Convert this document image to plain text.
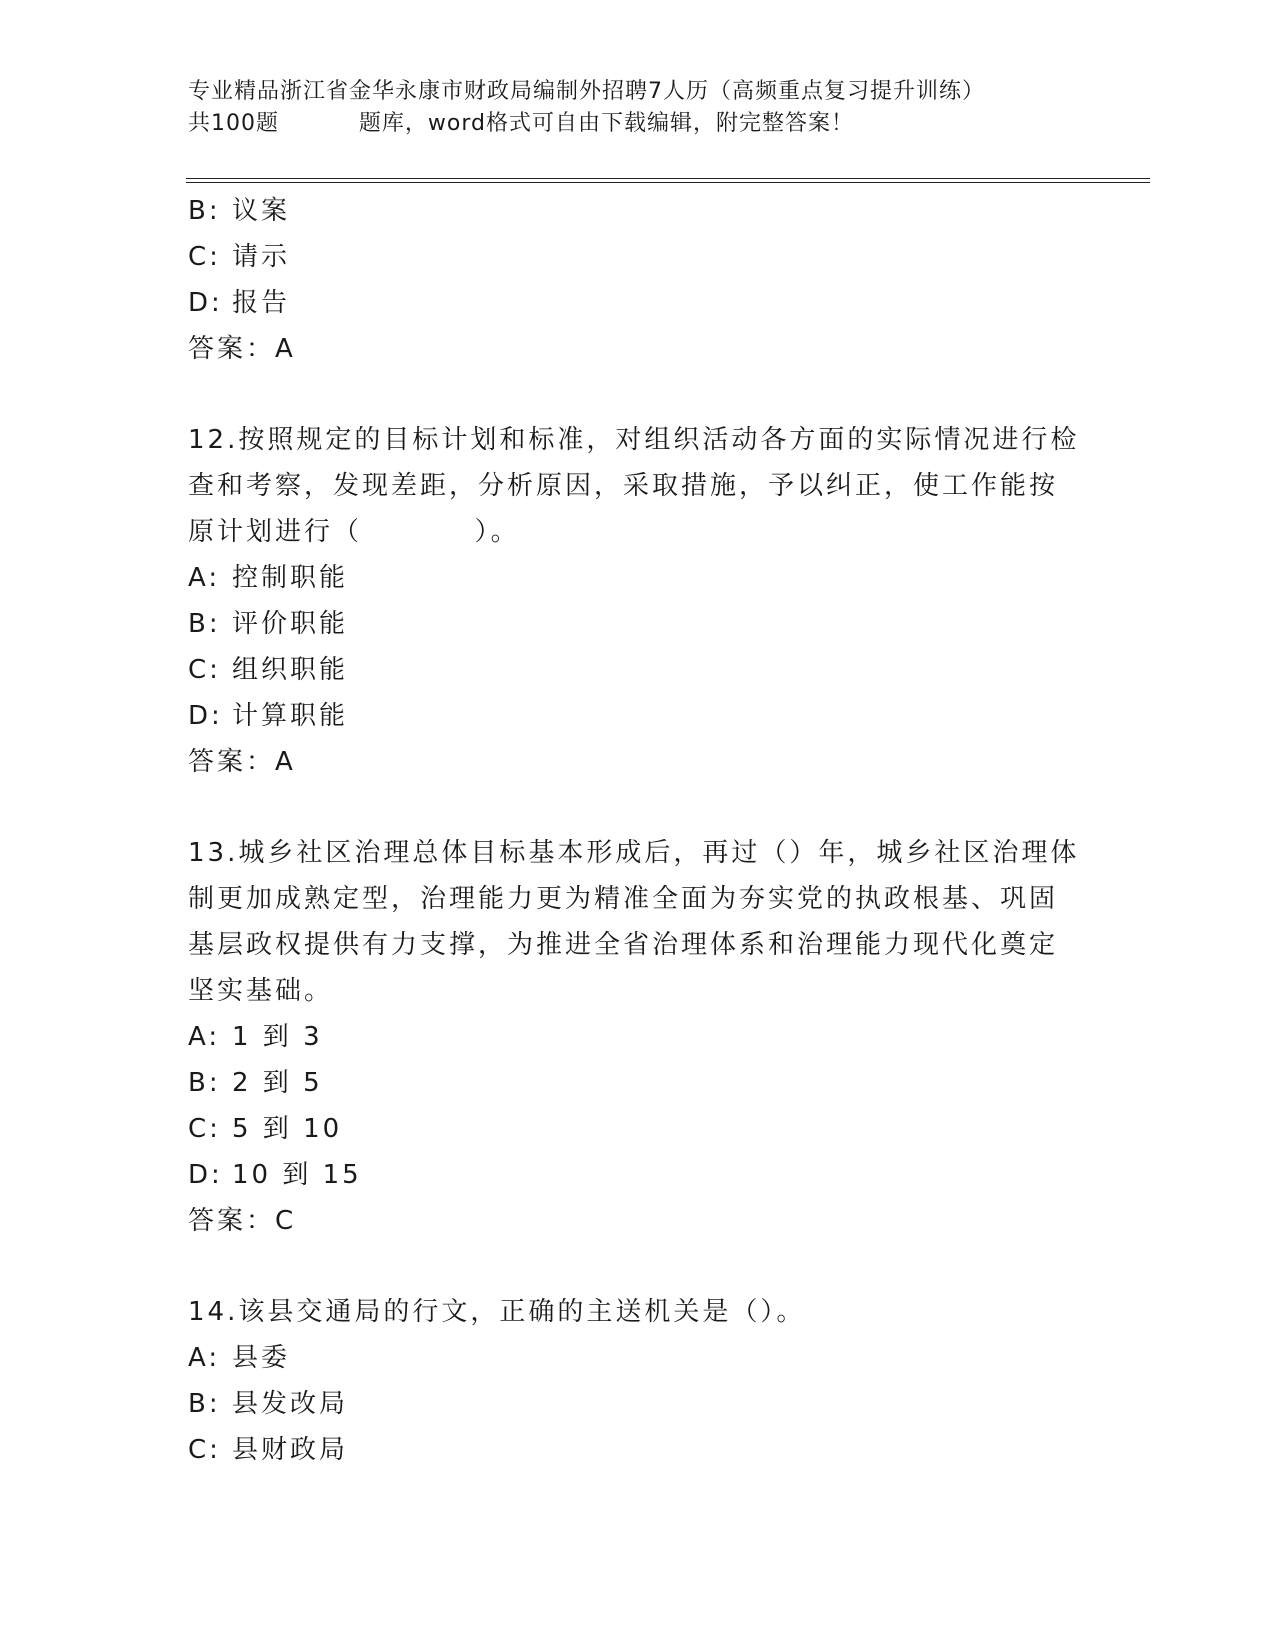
专业精品浙江省金华永康市财政局编制外招聘7人历（高频重点复习提升训练）
共100题          题库，word格式可自由下载编辑，附完整答案！
B: 议案
C: 请示
D: 报告
答案：A
12.按照规定的目标计划和标准，对组织活动各方面的实际情况进行检
查和考察，发现差距，分析原因，采取措施，予以纠正，使工作能按
原计划进行（          ）。
A: 控制职能
B: 评价职能
C: 组织职能
D: 计算职能
答案：A
13.城乡社区治理总体目标基本形成后，再过（）年，城乡社区治理体
制更加成熟定型，治理能力更为精准全面为夯实党的执政根基、巩固
基层政权提供有力支撑，为推进全省治理体系和治理能力现代化奠定
坚实基础。
A: 1 到 3
B: 2 到 5
C: 5 到 10
D: 10 到 15
答案：C
14.该县交通局的行文，正确的主送机关是（）。
A: 县委
B: 县发改局
C: 县财政局
